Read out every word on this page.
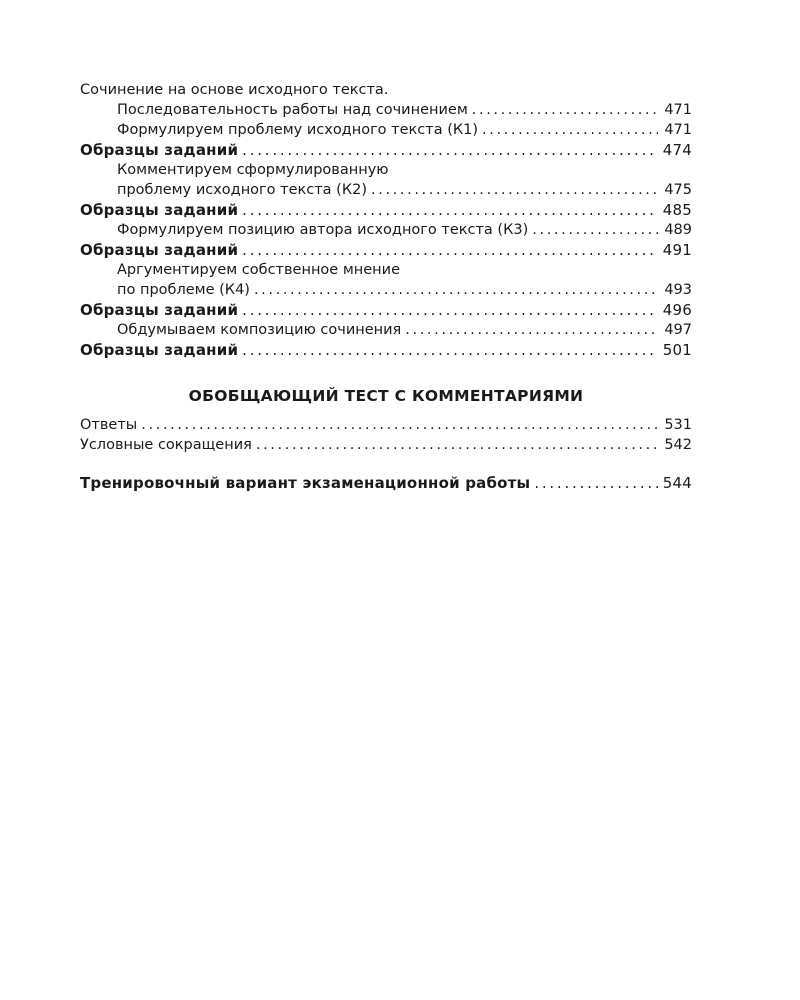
Сочинение на основе исходного текста.
Последовательность работы над сочинением . . .	471
Формулируем проблему исходного текста (К1) . . .	471
Образцы заданий . . .	474
Комментируем сформулированную
проблему исходного текста (К2) . . .	475
Образцы заданий . . .	485
Формулируем позицию автора исходного текста (К3) . . .	489
Образцы заданий . . .	491
Аргументируем собственное мнение
по проблеме (К4) . . .	493
Образцы заданий . . .	496
Обдумываем композицию сочинения . . .	497
Образцы заданий . . .	501
ОБОБЩАЮЩИЙ ТЕСТ С КОММЕНТАРИЯМИ
Ответы . . .	531
Условные сокращения . . .	542
Тренировочный вариант экзаменационной работы . . .	544
